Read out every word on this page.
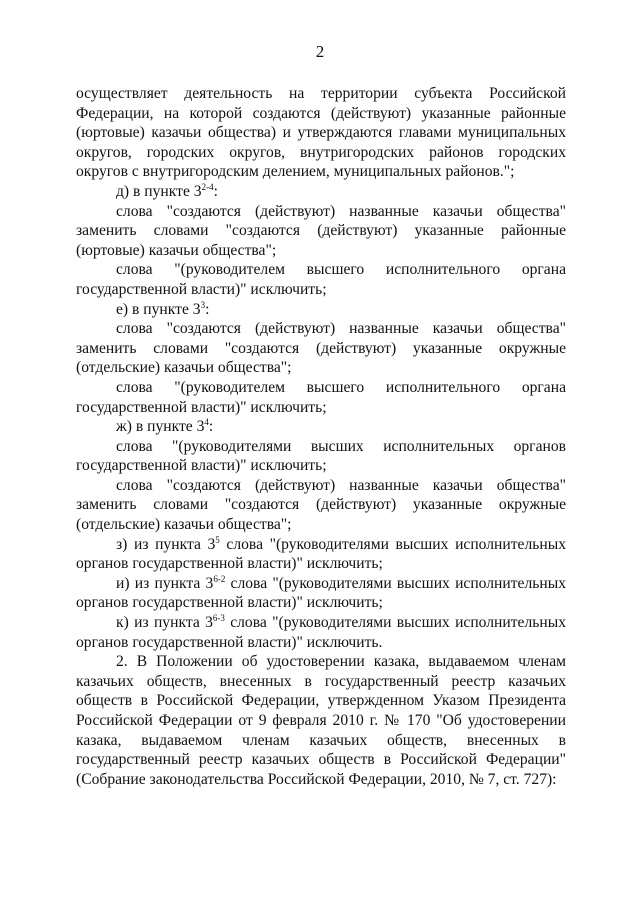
2

осуществляет деятельность на территории субъекта Российской Федерации, на которой создаются (действуют) указанные районные (юртовые) казачьи общества) и утверждаются главами муниципальных округов, городских округов, внутригородских районов городских округов с внутригородским делением, муниципальных районов.";

д) в пункте 3$^{2-4}$:

слова "создаются (действуют) названные казачьи общества" заменить словами "создаются (действуют) указанные районные (юртовые) казачьи общества";

слова "(руководителем высшего исполнительного органа государственной власти)" исключить;

е) в пункте $3^3$:

слова "создаются (действуют) названные казачьи общества" заменить словами "создаются (действуют) указанные окружные (отдельские) казачьи общества";

слова "(руководителем высшего исполнительного органа государственной власти)" исключить;

ж) в пункте $3^4$:

слова "(руководителями высших исполнительных органов государственной власти)" исключить;

слова "создаются (действуют) названные казачьи общества" заменить словами "создаются (действуют) указанные окружные (отдельские) казачьи общества";

з) из пункта $3^5$ слова "(руководителями высших исполнительных органов государственной власти)" исключить;

и) из пункта 3$^{6-2}$ слова "(руководителями высших исполнительных органов государственной власти)" исключить;

к) из пункта 3$^{6-3}$ слова "(руководителями высших исполнительных органов государственной власти)" исключить.

2. В Положении об удостоверении казака, выдаваемом членам казачьих обществ, внесенных в государственный реестр казачьих обществ в Российской Федерации, утвержденном Указом Президента Российской Федерации от 9 февраля 2010 г. № 170 "Об удостоверении казака, выдаваемом членам казачьих обществ, внесенных в государственный реестр казачьих обществ в Российской Федерации" (Собрание законодательства Российской Федерации, 2010, № 7, ст. 727):
